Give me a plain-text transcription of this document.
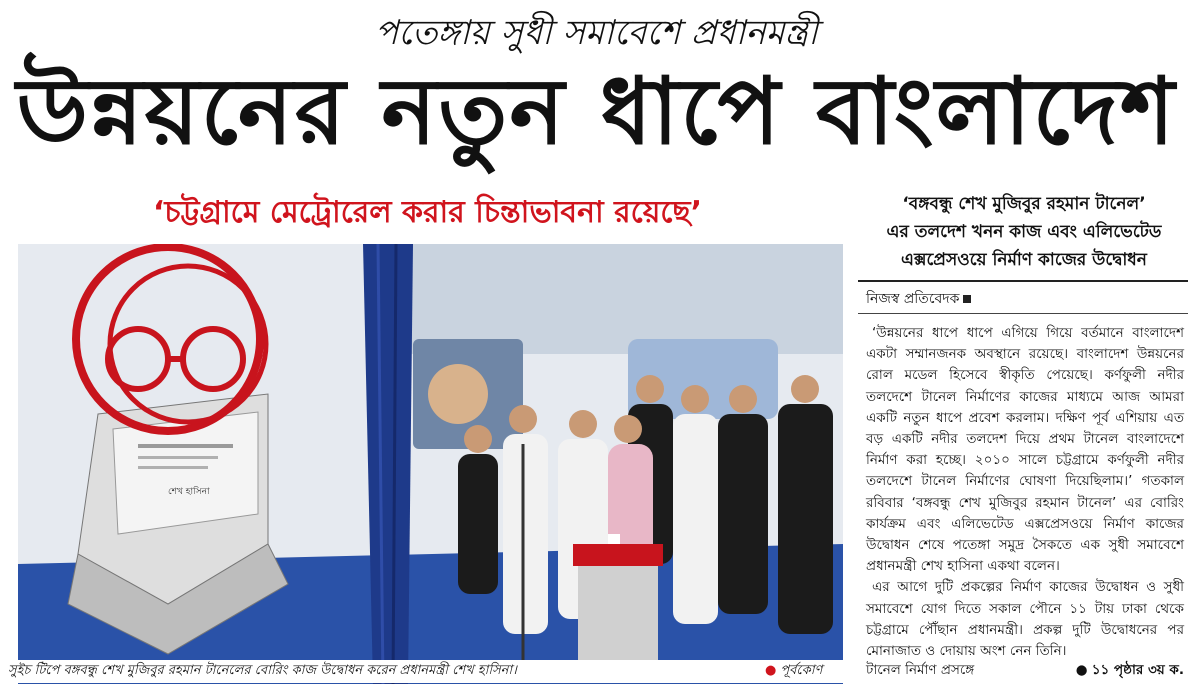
পতেঙ্গায় সুধী সমাবেশে প্রধানমন্ত্রী
উন্নয়নের নতুন ধাপে বাংলাদেশ
‘চট্টগ্রামে মেট্রোরেল করার চিন্তাভাবনা রয়েছে’
শেখ হাসিনা
সুইচ টিপে বঙ্গবন্ধু শেখ মুজিবুর রহমান টানেলের বোরিং কাজ উদ্বোধন করেন প্রধানমন্ত্রী শেখ হাসিনা।	● পূর্বকোণ
‘বঙ্গবন্ধু শেখ মুজিবুর রহমান টানেল’
এর তলদেশ খনন কাজ এবং এলিভেটেড
এক্সপ্রেসওয়ে নির্মাণ কাজের উদ্বোধন
নিজস্ব প্রতিবেদক

‘উন্নয়নের ধাপে ধাপে এগিয়ে গিয়ে বর্তমানে বাংলাদেশ একটা সম্মানজনক অবস্থানে রয়েছে। বাংলাদেশ উন্নয়নের রোল মডেল হিসেবে স্বীকৃতি পেয়েছে। কর্ণফুলী নদীর তলদেশে টানেল নির্মাণের কাজের মাধ্যমে আজ আমরা একটি নতুন ধাপে প্রবেশ করলাম। দক্ষিণ পূর্ব এশিয়ায় এত বড় একটি নদীর তলদেশ দিয়ে প্রথম টানেল বাংলাদেশে নির্মাণ করা হচ্ছে। ২০১০ সালে চট্টগ্রামে কর্ণফুলী নদীর তলদেশে টানেল নির্মাণের ঘোষণা দিয়েছিলাম।’ গতকাল রবিবার ‘বঙ্গবন্ধু শেখ মুজিবুর রহমান টানেল’ এর বোরিং কার্যক্রম এবং এলিভেটেড এক্সপ্রেসওয়ে নির্মাণ কাজের উদ্বোধন শেষে পতেঙ্গা সমুদ্র সৈকতে এক সুধী সমাবেশে প্রধানমন্ত্রী শেখ হাসিনা একথা বলেন।

এর আগে দুটি প্রকল্পের নির্মাণ কাজের উদ্বোধন ও সুধী সমাবেশে যোগ দিতে সকাল পৌনে ১১ টায় ঢাকা থেকে চট্টগ্রামে পৌঁছান প্রধানমন্ত্রী। প্রকল্প দুটি উদ্বোধনের পর মোনাজাত ও দোয়ায় অংশ নেন তিনি।

টানেল নির্মাণ প্রসঙ্গে	● ১১ পৃষ্ঠার ৩য় ক.
